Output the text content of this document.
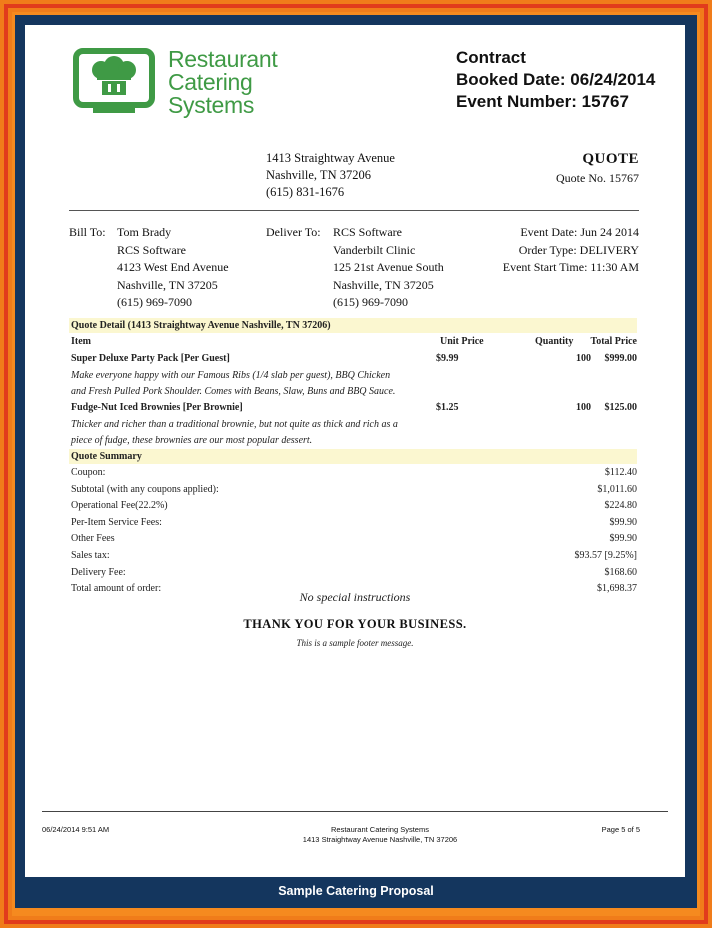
Sample Catering Proposal
Restaurant
Catering
Systems
Contract
Booked Date: 06/24/2014
Event Number: 15767
1413 Straightway Avenue
Nashville, TN 37206
(615) 831-1676
QUOTE
Quote No. 15767
Bill To: Tom Brady
RCS Software
4123 West End Avenue
Nashville, TN 37205
(615) 969-7090
Deliver To: RCS Software
Vanderbilt Clinic
125 21st Avenue South
Nashville, TN 37205
(615) 969-7090
Event Date: Jun 24 2014
Order Type: DELIVERY
Event Start Time: 11:30 AM
Quote Detail (1413 Straightway Avenue Nashville, TN 37206)
Item	Unit Price	Quantity Total Price
Super Deluxe Party Pack [Per Guest]	$9.99	100 $999.00
Make everyone happy with our Famous Ribs (1/4 slab per guest), BBQ Chicken
and Fresh Pulled Pork Shoulder. Comes with Beans, Slaw, Buns and BBQ Sauce.
Fudge-Nut Iced Brownies [Per Brownie]	$1.25	100 $125.00
Thicker and richer than a traditional brownie, but not quite as thick and rich as a
piece of fudge, these brownies are our most popular dessert.
Quote Summary
Coupon:	$112.40
Subtotal (with any coupons applied):	$1,011.60
Operational Fee(22.2%)	$224.80
Per-Item Service Fees:	$99.90
Other Fees	$99.90
Sales tax:	$93.57 [9.25%]
Delivery Fee:	$168.60
Total amount of order:	$1,698.37
06/24/2014 9:51 AM	Restaurant Catering Systems
1413 Straightway Avenue Nashville, TN 37206
Page 5 of 5
No special instructions
THANK YOU FOR YOUR BUSINESS.
This is a sample footer message.
